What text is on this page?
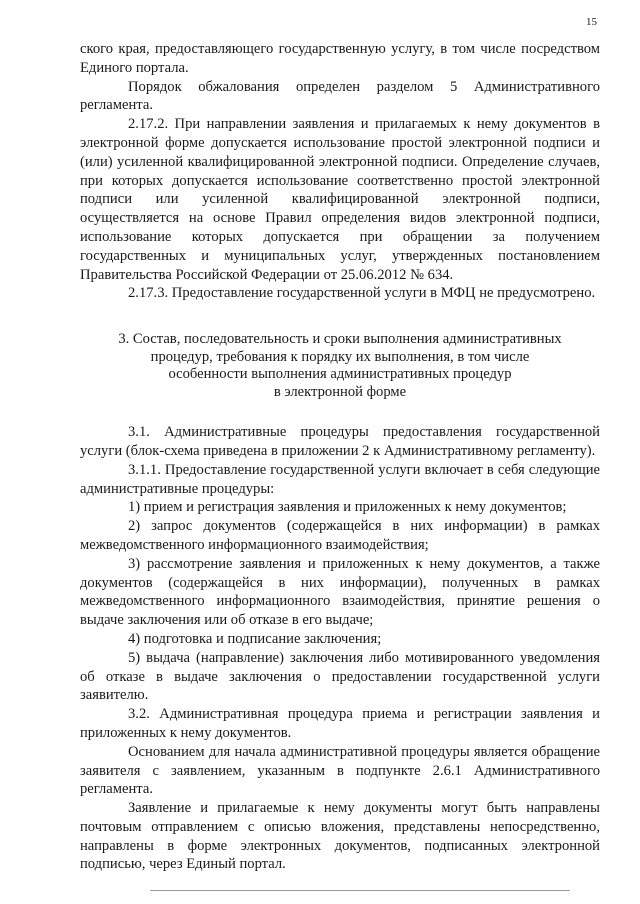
15

ского края, предоставляющего государственную услугу, в том числе посредством Единого портала.

Порядок обжалования определен разделом 5 Административного регламента.

2.17.2. При направлении заявления и прилагаемых к нему документов в электронной форме допускается использование простой электронной подписи и (или) усиленной квалифицированной электронной подписи. Определение случаев, при которых допускается использование соответственно простой электронной подписи или усиленной квалифицированной электронной подписи, осуществляется на основе Правил определения видов электронной подписи, использование которых допускается при обращении за получением государственных и муниципальных услуг, утвержденных постановлением Правительства Российской Федерации от 25.06.2012 № 634.

2.17.3. Предоставление государственной услуги в МФЦ не предусмотрено.

3. Состав, последовательность и сроки выполнения административных
процедур, требования к порядку их выполнения, в том числе
особенности выполнения административных процедур
в электронной форме

3.1. Административные процедуры предоставления государственной услуги (блок-схема приведена в приложении 2 к Административному регламенту).

3.1.1. Предоставление государственной услуги включает в себя следующие административные процедуры:

1) прием и регистрация заявления и приложенных к нему документов;

2) запрос документов (содержащейся в них информации) в рамках межведомственного информационного взаимодействия;

3) рассмотрение заявления и приложенных к нему документов, а также документов (содержащейся в них информации), полученных в рамках межведомственного информационного взаимодействия, принятие решения о выдаче заключения или об отказе в его выдаче;

4) подготовка и подписание заключения;

5) выдача (направление) заключения либо мотивированного уведомления об отказе в выдаче заключения о предоставлении государственной услуги заявителю.

3.2. Административная процедура приема и регистрации заявления и приложенных к нему документов.

Основанием для начала административной процедуры является обращение заявителя с заявлением, указанным в подпункте 2.6.1 Административного регламента.

Заявление и прилагаемые к нему документы могут быть направлены почтовым отправлением с описью вложения, представлены непосредственно, направлены в форме электронных документов, подписанных электронной подписью, через Единый портал.
